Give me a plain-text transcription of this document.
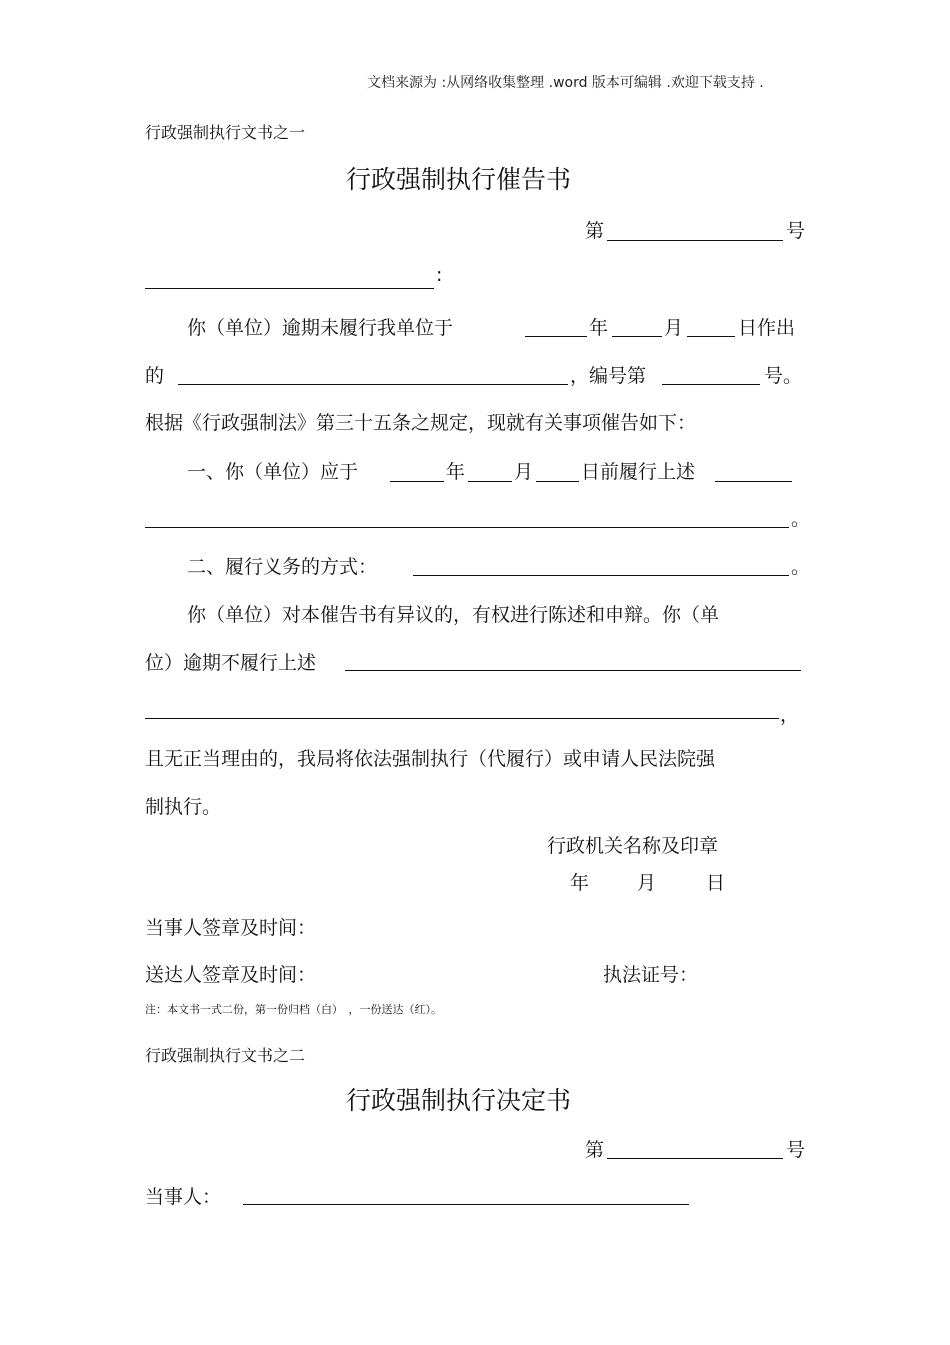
文档来源为 :从网络收集整理 .word 版本可编辑 .欢迎下载支持 .
行政强制执行文书之一
行政强制执行催告书
第	号
:
你（单位）逾期未履行我单位于	年	月	日作出
的	，编号第	号。
根据《行政强制法》第三十五条之规定，现就有关事项催告如下：
一、你（单位）应于	年	月	日前履行上述
。
二、履行义务的方式：	。
你（单位）对本催告书有异议的，有权进行陈述和申辩。你（单
位）逾期不履行上述
，
且无正当理由的，我局将依法强制执行（代履行）或申请人民法院强
制执行。
行政机关名称及印章
年	月	日
当事人签章及时间：
送达人签章及时间：	执法证号：
注：本文书一式二份，第一份归档（白）　，一份送达（红）。
行政强制执行文书之二
行政强制执行决定书
第	号
当事人：
